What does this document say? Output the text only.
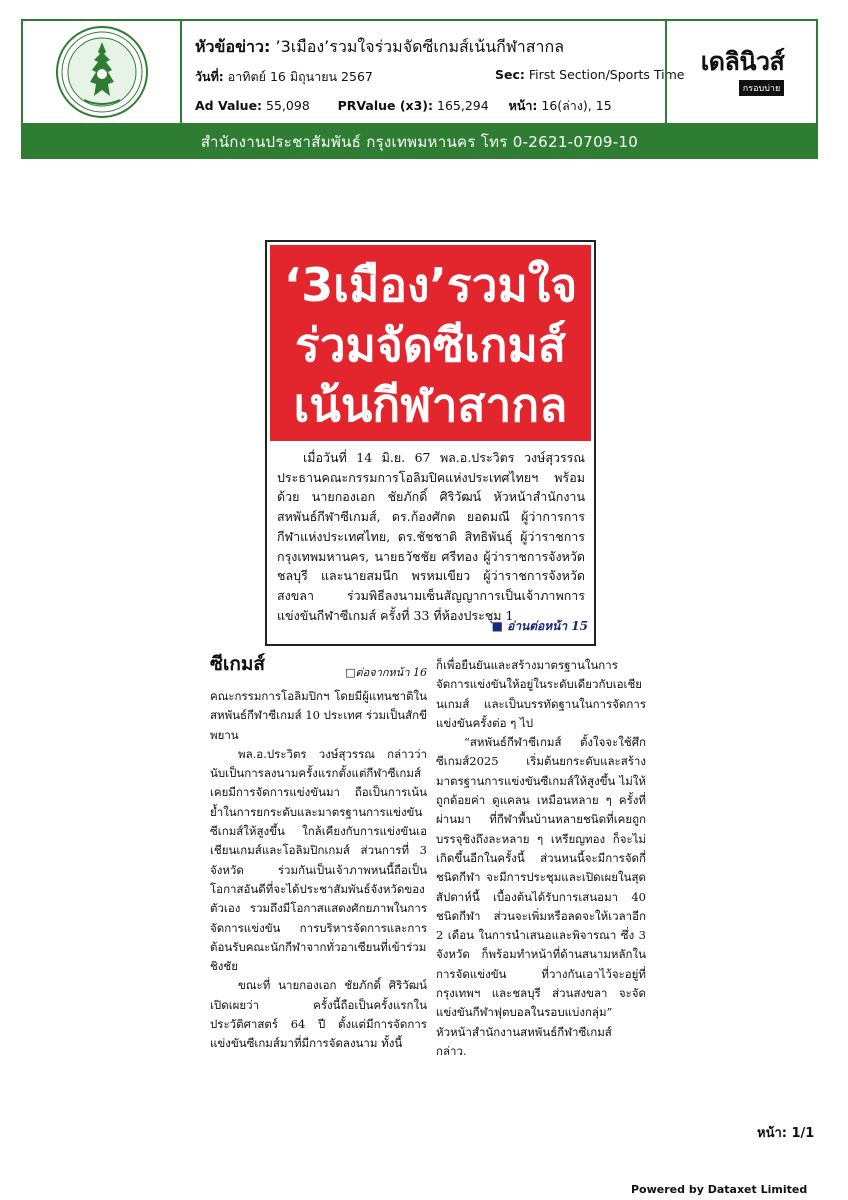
หัวข้อข่าว: ’3เมือง’รวมใจร่วมจัดซีเกมส์เน้นกีฬาสากล
วันที่: อาทิตย์ 16 มิถุนายน 2567	Sec: First Section/Sports Time
Ad Value: 55,098 PRValue (x3): 165,294 หน้า: 16(ล่าง), 15
เดลินิวส์
กรอบบ่าย
สำนักงานประชาสัมพันธ์ กรุงเทพมหานคร โทร 0-2621-0709-10
‘3เมือง’รวมใจ
ร่วมจัดซีเกมส์
เน้นกีฬาสากล
เมื่อวันที่ 14 มิ.ย. 67 พล.อ.ประวิตร วงษ์สุวรรณ ประธานคณะกรรมการโอลิมปิคแห่งประเทศไทยฯ พร้อมด้วย นายกองเอก ชัยภักดิ์ ศิริวัฒน์ หัวหน้าสำนักงานสหพันธ์กีฬาซีเกมส์, ดร.ก้องศักด ยอดมณี ผู้ว่าการการกีฬาแห่งประเทศไทย, ดร.ชัชชาติ สิทธิพันธุ์ ผู้ว่าราชการกรุงเทพมหานคร, นายธวัชชัย ศรีทอง ผู้ว่าราชการจังหวัดชลบุรี และนายสมนึก พรหมเขียว ผู้ว่าราชการจังหวัดสงขลา ร่วมพิธีลงนามเซ็นสัญญาการเป็นเจ้าภาพการแข่งขันกีฬาซีเกมส์ ครั้งที่ 33 ที่ห้องประชุม 1
■ อ่านต่อหน้า 15
ซีเกมส์	□ต่อจากหน้า 16

คณะกรรมการโอลิมปิกฯ โดยมีผู้แทนชาติในสหพันธ์กีฬาซีเกมส์ 10 ประเทศ ร่วมเป็นสักขีพยาน

พล.อ.ประวิตร วงษ์สุวรรณ กล่าวว่า นับเป็นการลงนามครั้งแรกตั้งแต่กีฬาซีเกมส์เคยมีการจัดการแข่งขันมา ถือเป็นการเน้นย้ำในการยกระดับและมาตรฐานการแข่งขันซีเกมส์ให้สูงขึ้น ใกล้เคียงกับการแข่งขันเอเชียนเกมส์และโอลิมปิกเกมส์ ส่วนการที่ 3 จังหวัด ร่วมกันเป็นเจ้าภาพหนนี้ถือเป็นโอกาสอันดีที่จะได้ประชาสัมพันธ์จังหวัดของตัวเอง รวมถึงมีโอกาสแสดงศักยภาพในการจัดการแข่งขัน การบริหารจัดการและการต้อนรับคณะนักกีฬาจากทั่วอาเซียนที่เข้าร่วมชิงชัย

ขณะที่ นายกองเอก ชัยภักดิ์ ศิริวัฒน์ เปิดเผยว่า ครั้งนี้ถือเป็นครั้งแรกในประวัติศาสตร์ 64 ปี ตั้งแต่มีการจัดการแข่งขันซีเกมส์มาที่มีการจัดลงนาม ทั้งนี้

ก็เพื่อยืนยันและสร้างมาตรฐานในการจัดการแข่งขันให้อยู่ในระดับเดียวกับเอเชียนเกมส์ และเป็นบรรทัดฐานในการจัดการแข่งขันครั้งต่อ ๆ ไป

“สหพันธ์กีฬาซีเกมส์ ตั้งใจจะใช้ศึกซีเกมส์2025 เริ่มต้นยกระดับและสร้างมาตรฐานการแข่งขันซีเกมส์ให้สูงขึ้น ไม่ให้ถูกด้อยค่า ดูแคลน เหมือนหลาย ๆ ครั้งที่ผ่านมา ที่กีฬาพื้นบ้านหลายชนิดที่เคยถูกบรรจุชิงถึงละหลาย ๆ เหรียญทอง ก็จะไม่เกิดขึ้นอีกในครั้งนี้ ส่วนหนนี้จะมีการจัดกี่ชนิดกีฬา จะมีการประชุมและเปิดเผยในสุดสัปดาห์นี้ เบื้องต้นได้รับการเสนอมา 40 ชนิดกีฬา ส่วนจะเพิ่มหรือลดจะให้เวลาอีก 2 เดือน ในการนำเสนอและพิจารณา ซึ่ง 3 จังหวัด ก็พร้อมทำหน้าที่ด้านสนามหลักในการจัดแข่งขัน ที่วางกันเอาไว้จะอยู่ที่กรุงเทพฯ และชลบุรี ส่วนสงขลา จะจัดแข่งขันกีฬาฟุตบอลในรอบแบ่งกลุ่ม” หัวหน้าสำนักงานสหพันธ์กีฬาซีเกมส์ กล่าว.

หน้า: 1/1
Powered by Dataxet Limited
